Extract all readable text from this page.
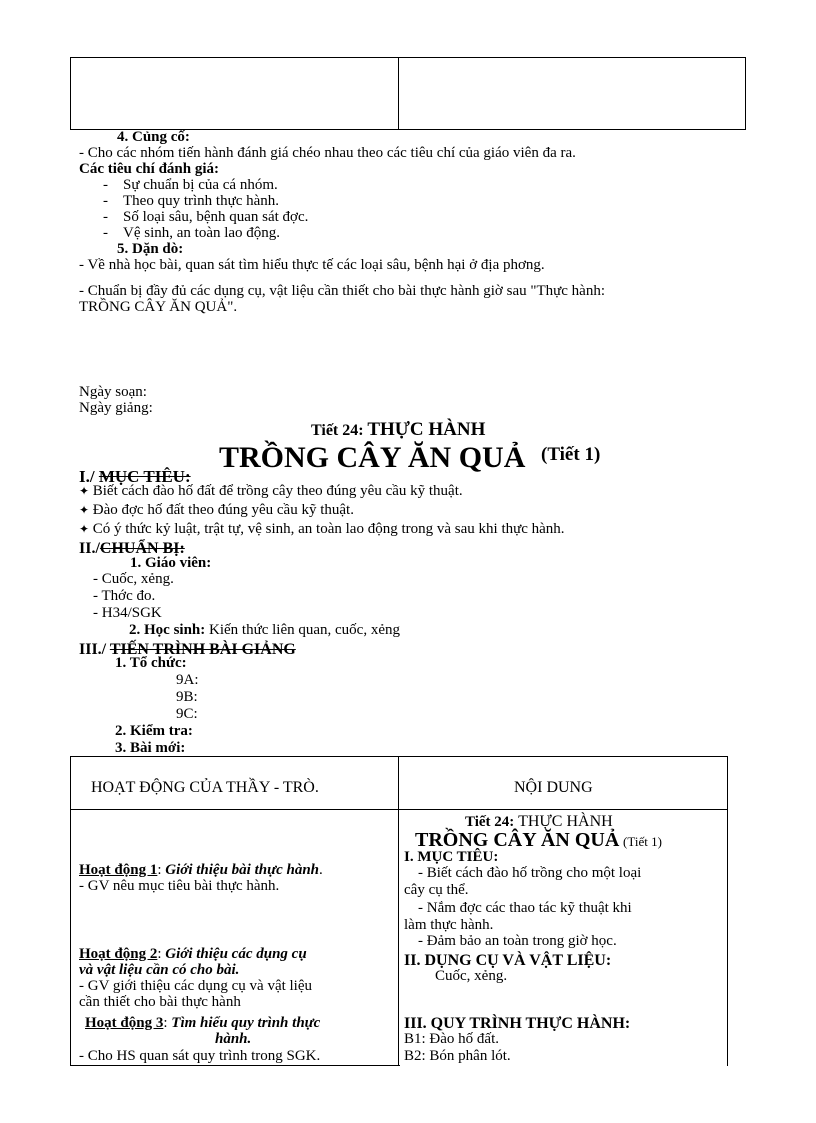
4. Củng cố:
- Cho các nhóm tiến hành đánh giá chéo nhau theo các tiêu chí của giáo viên đa ra.
Các tiêu chí đánh giá:
-    Sự chuẩn bị của cá nhóm.
-    Theo quy trình thực hành.
-    Số loại sâu, bệnh quan sát đợc.
-    Vệ sinh, an toàn lao động.
5. Dặn dò:
- Về nhà học bài, quan sát tìm hiểu thực tế các loại sâu, bệnh hại ở địa phơng.
- Chuẩn bị đầy đủ các dụng cụ, vật liệu cần thiết cho bài thực hành giờ sau "Thực hành:
TRỒNG CÂY ĂN QUẢ".
Ngày soạn:
Ngày giảng:
Tiết 24: THỰC HÀNH
TRỒNG CÂY ĂN QUẢ (Tiết 1)
I./ MỤC TIÊU:
✦ Biết cách đào hố đất để trồng cây theo đúng yêu cầu kỹ thuật.
✦ Đào đợc hố đất theo đúng yêu cầu kỹ thuật.
✦ Có ý thức kỷ luật, trật tự, vệ sinh, an toàn lao động trong và sau khi thực hành.
II./CHUẨN BỊ:
1. Giáo viên:
- Cuốc, xẻng.
- Thớc đo.
- H34/SGK
2. Học sinh: Kiến thức liên quan, cuốc, xẻng
III./ TIẾN TRÌNH BÀI GIẢNG
1. Tổ chức:
9A:
9B:
9C:
2. Kiểm tra:
3. Bài mới:
HOẠT ĐỘNG CỦA THẦY - TRÒ.	NỘI DUNG
Hoạt động 1: Giới thiệu bài thực hành.
- GV nêu mục tiêu bài thực hành.
Hoạt động 2: Giới thiệu các dụng cụ
và vật liệu cần có cho bài.
- GV giới thiệu các dụng cụ và vật liệu
cần thiết cho bài thực hành
Hoạt động 3: Tìm hiểu quy trình thực
hành.
- Cho HS quan sát quy trình trong SGK.
Tiết 24: THỰC HÀNH
TRỒNG CÂY ĂN QUẢ (Tiết 1)
I. MỤC TIÊU:
- Biết cách đào hố trồng cho một loại
cây cụ thể.
- Nắm đợc các thao tác kỹ thuật khi
làm thực hành.
- Đảm bảo an toàn trong giờ học.
II. DỤNG CỤ VÀ VẬT LIỆU:
Cuốc, xẻng.
III. QUY TRÌNH THỰC HÀNH:
B1: Đào hố đất.
B2: Bón phân lót.
